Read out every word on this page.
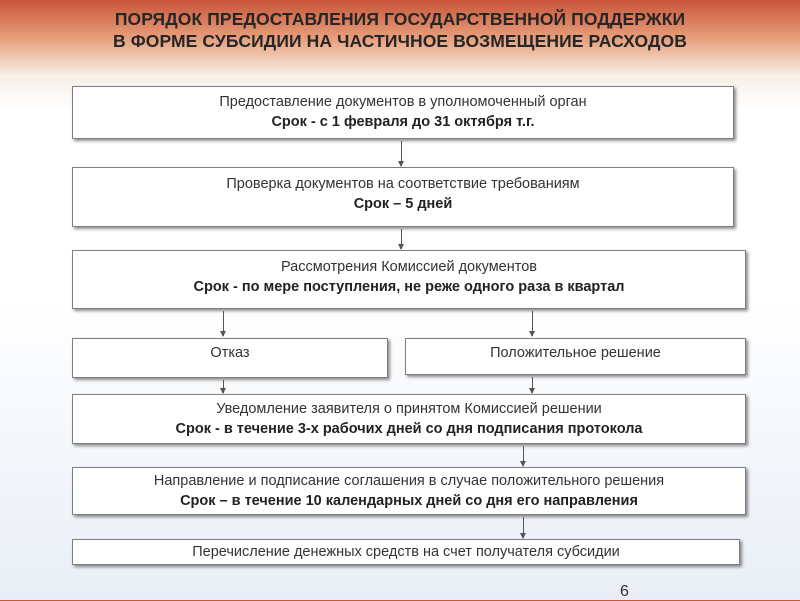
ПОРЯДОК ПРЕДОСТАВЛЕНИЯ ГОСУДАРСТВЕННОЙ ПОДДЕРЖКИ
В ФОРМЕ СУБСИДИИ НА ЧАСТИЧНОЕ ВОЗМЕЩЕНИЕ РАСХОДОВ
Предоставление документов в уполномоченный орган
Срок - с 1 февраля до 31 октября т.г.
Проверка документов на соответствие требованиям
Срок – 5 дней
Рассмотрения Комиссией документов
Срок - по мере поступления, не реже одного раза в квартал
Отказ	Положительное решение
Уведомление заявителя о принятом Комиссией решении
Срок - в течение 3-х рабочих дней со дня подписания протокола
Направление и подписание соглашения в случае положительного решения
Срок – в течение 10 календарных дней со дня его направления
Перечисление денежных средств на счет получателя субсидии
6
